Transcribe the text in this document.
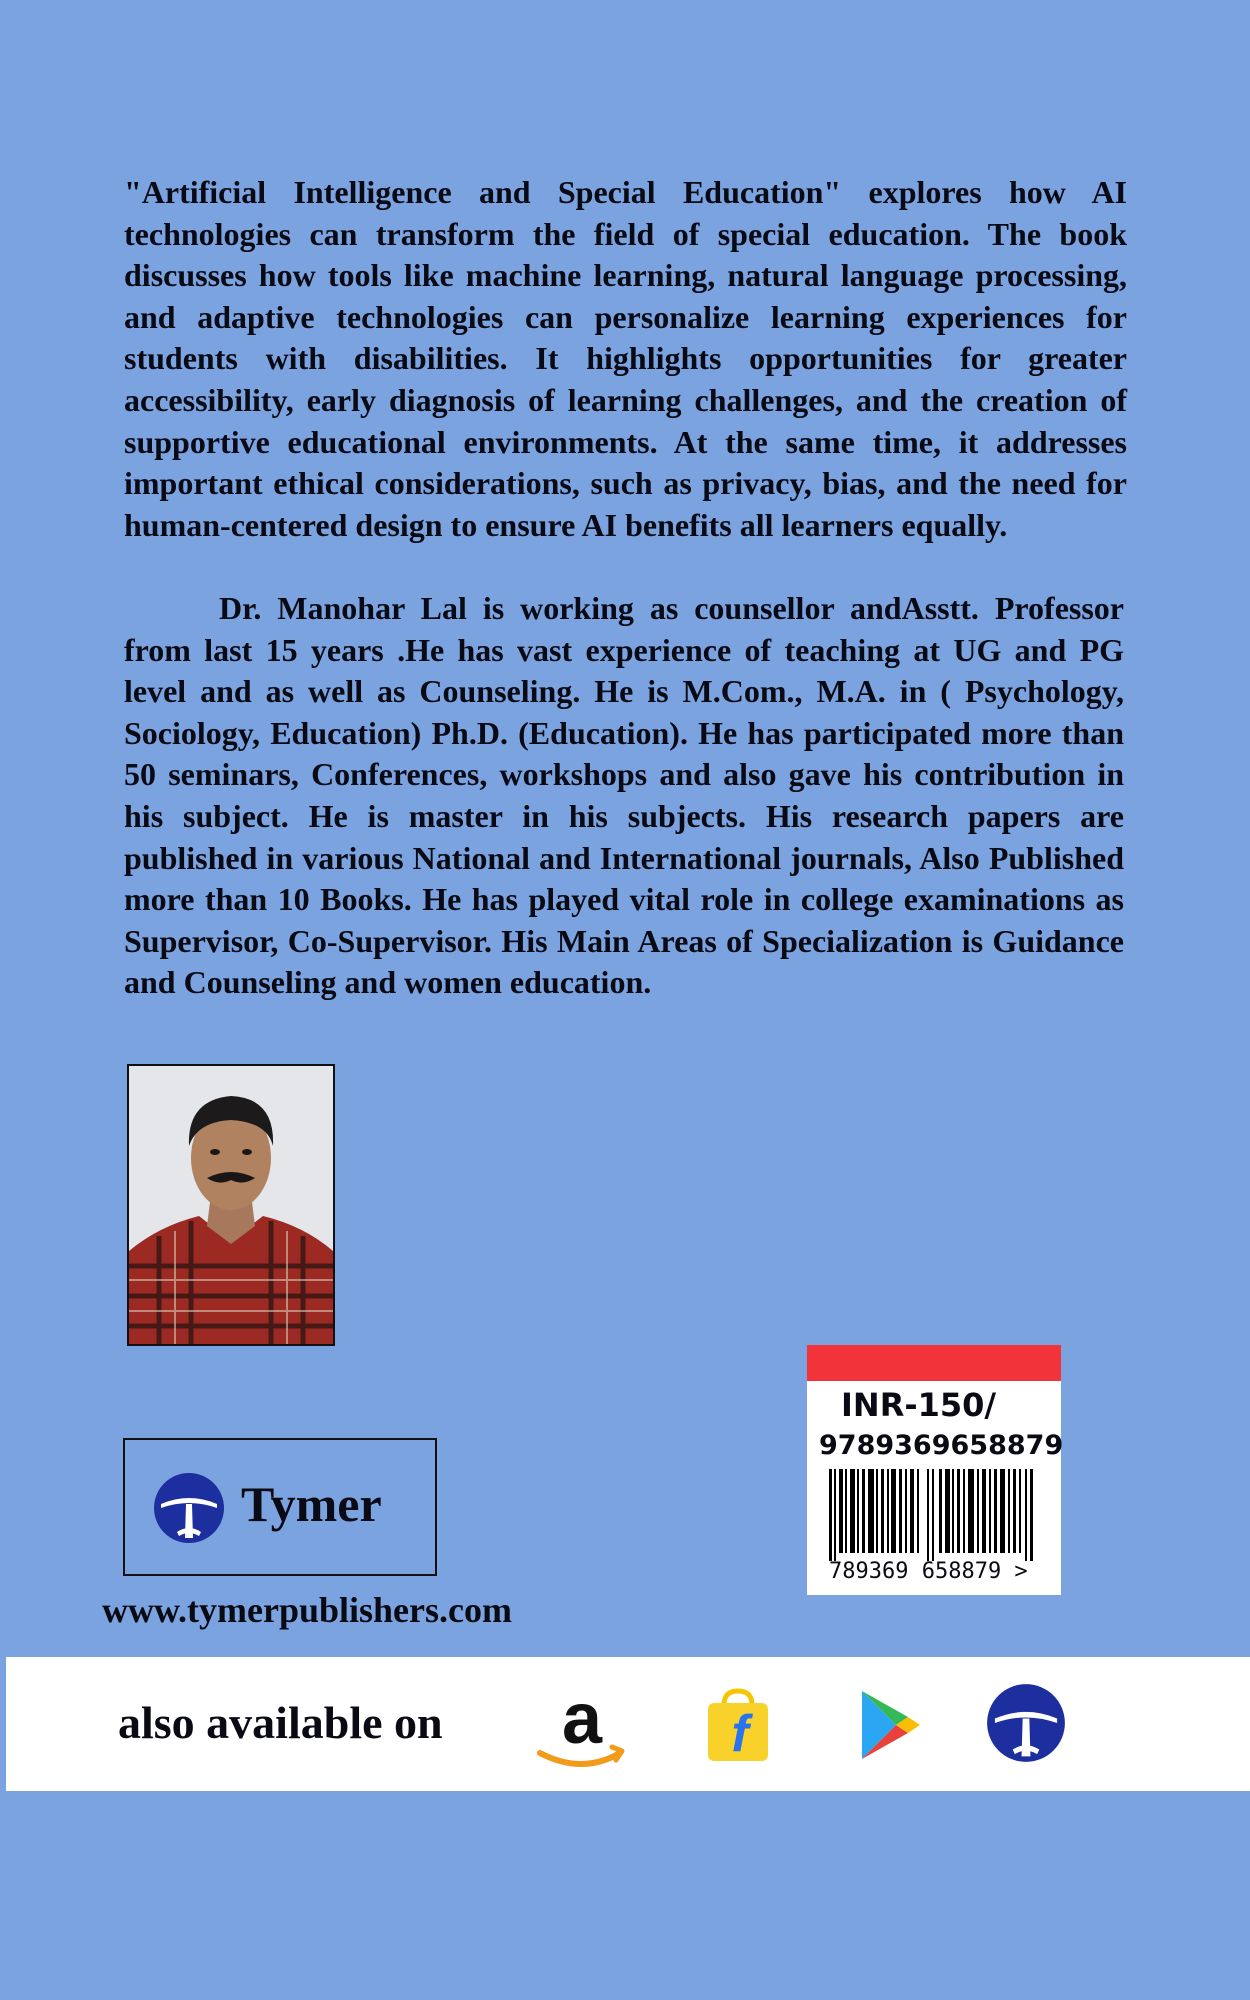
"Artificial Intelligence and Special Education" explores how AI technologies can transform the field of special education. The book discusses how tools like machine learning, natural language processing, and adaptive technologies can personalize learning experiences for students with disabilities. It highlights opportunities for greater accessibility, early diagnosis of learning challenges, and the creation of supportive educational environments. At the same time, it addresses important ethical considerations, such as privacy, bias, and the need for human-centered design to ensure AI benefits all learners equally.

Dr. Manohar Lal is working as counsellor andAsstt. Professor from last 15 years .He has vast experience of teaching at UG and PG level and as well as Counseling. He is M.Com., M.A. in ( Psychology, Sociology, Education) Ph.D. (Education). He has participated more than 50 seminars, Conferences, workshops and also gave his contribution in his subject. He is master in his subjects. His research papers are published in various National and International journals, Also Published more than 10 Books. He has played vital role in college examinations as Supervisor, Co-Supervisor. His Main Areas of Specialization is Guidance and Counseling and women education.

Tymer
www.tymerpublishers.com
INR-150/
9789369658879
789369 658879 >
also available on a f
